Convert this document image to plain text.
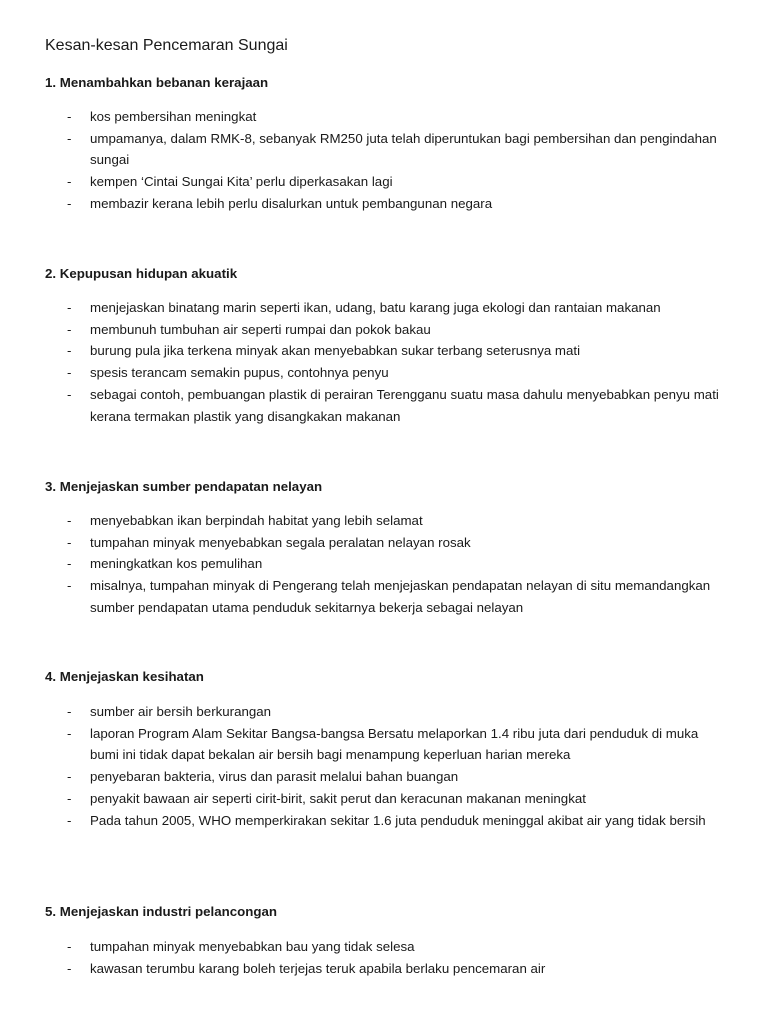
Kesan-kesan Pencemaran Sungai
1. Menambahkan bebanan kerajaan
- kos pembersihan meningkat
- umpamanya, dalam RMK-8, sebanyak RM250 juta telah diperuntukan bagi pembersihan dan pengindahan sungai
- kempen ‘Cintai Sungai Kita’ perlu diperkasakan lagi
- membazir kerana lebih perlu disalurkan untuk pembangunan negara
2. Kepupusan hidupan akuatik
- menjejaskan binatang marin seperti ikan, udang, batu karang juga ekologi dan rantaian makanan
- membunuh tumbuhan air seperti rumpai dan pokok bakau
- burung pula jika terkena minyak akan menyebabkan sukar terbang seterusnya mati
- spesis terancam semakin pupus, contohnya penyu
- sebagai contoh, pembuangan plastik di perairan Terengganu suatu masa dahulu menyebabkan penyu mati kerana termakan plastik yang disangkakan makanan
3. Menjejaskan sumber pendapatan nelayan
- menyebabkan ikan berpindah habitat yang lebih selamat
- tumpahan minyak menyebabkan segala peralatan nelayan rosak
- meningkatkan kos pemulihan
- misalnya, tumpahan minyak di Pengerang telah menjejaskan pendapatan nelayan di situ memandangkan sumber pendapatan utama penduduk sekitarnya bekerja sebagai nelayan
4. Menjejaskan kesihatan
- sumber air bersih berkurangan
- laporan Program Alam Sekitar Bangsa-bangsa Bersatu melaporkan 1.4 ribu juta dari penduduk di muka bumi ini tidak dapat bekalan air bersih bagi menampung keperluan harian mereka
- penyebaran bakteria, virus dan parasit melalui bahan buangan
- penyakit bawaan air seperti cirit-birit, sakit perut dan keracunan makanan meningkat
- Pada tahun 2005, WHO memperkirakan sekitar 1.6 juta penduduk meninggal akibat air yang tidak bersih
5. Menjejaskan industri pelancongan
- tumpahan minyak menyebabkan bau yang tidak selesa
- kawasan terumbu karang boleh terjejas teruk apabila berlaku pencemaran air
